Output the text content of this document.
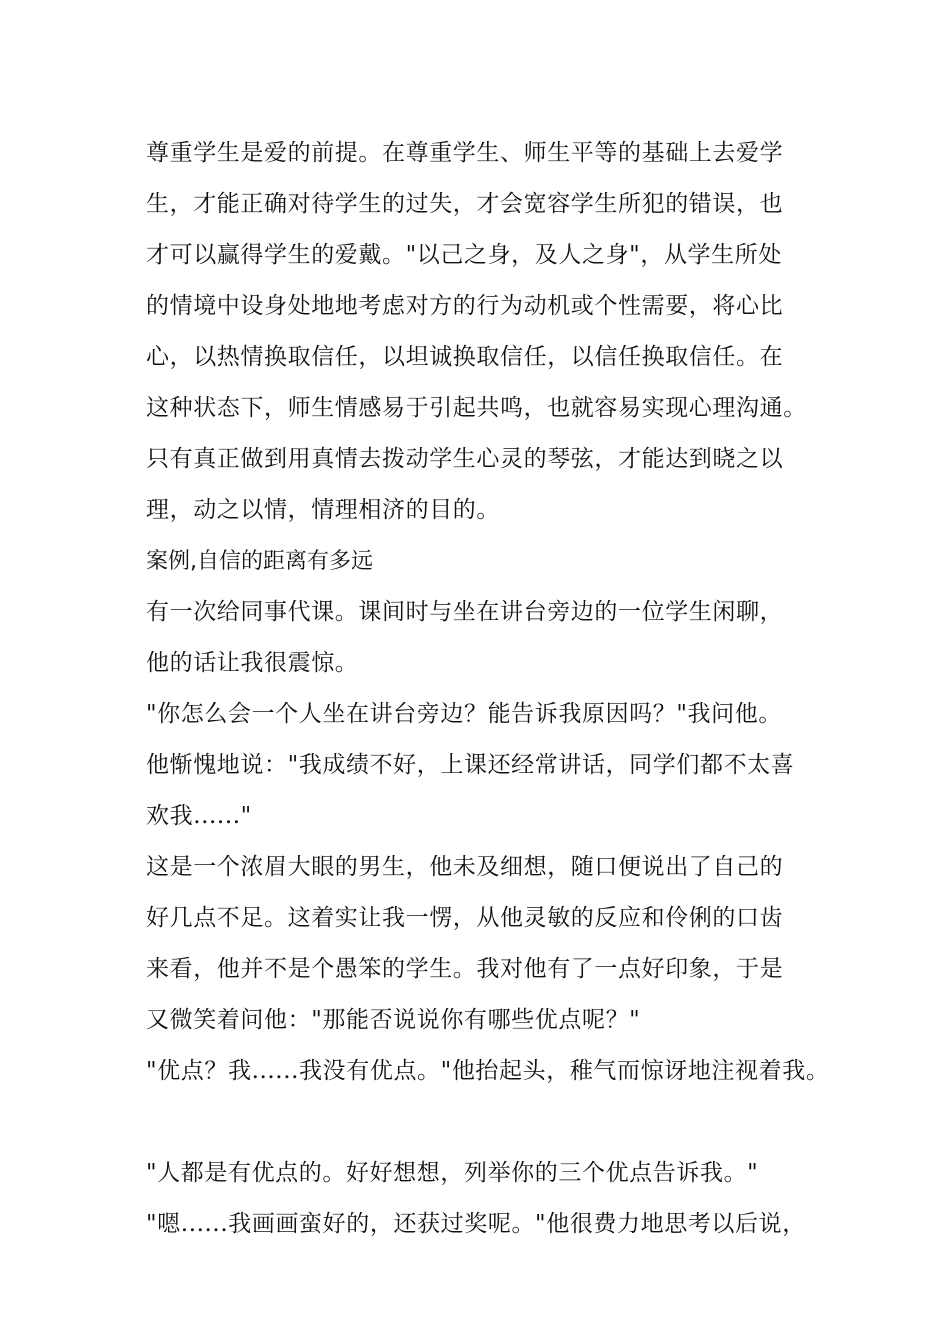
尊重学生是爱的前提。在尊重学生、师生平等的基础上去爱学
生，才能正确对待学生的过失，才会宽容学生所犯的错误，也
才可以赢得学生的爱戴。"以己之身，及人之身"，从学生所处
的情境中设身处地地考虑对方的行为动机或个性需要，将心比
心，以热情换取信任，以坦诚换取信任，以信任换取信任。在
这种状态下，师生情感易于引起共鸣，也就容易实现心理沟通。
只有真正做到用真情去拨动学生心灵的琴弦，才能达到晓之以
理，动之以情，情理相济的目的。
案例,自信的距离有多远
有一次给同事代课。课间时与坐在讲台旁边的一位学生闲聊，
他的话让我很震惊。
"你怎么会一个人坐在讲台旁边？能告诉我原因吗？"我问他。
他惭愧地说："我成绩不好，上课还经常讲话，同学们都不太喜
欢我......"
这是一个浓眉大眼的男生，他未及细想，随口便说出了自己的
好几点不足。这着实让我一愣，从他灵敏的反应和伶俐的口齿
来看，他并不是个愚笨的学生。我对他有了一点好印象，于是
又微笑着问他："那能否说说你有哪些优点呢？"
"优点？我......我没有优点。"他抬起头，稚气而惊讶地注视着我。
"人都是有优点的。好好想想，列举你的三个优点告诉我。"
"嗯......我画画蛮好的，还获过奖呢。"他很费力地思考以后说，
